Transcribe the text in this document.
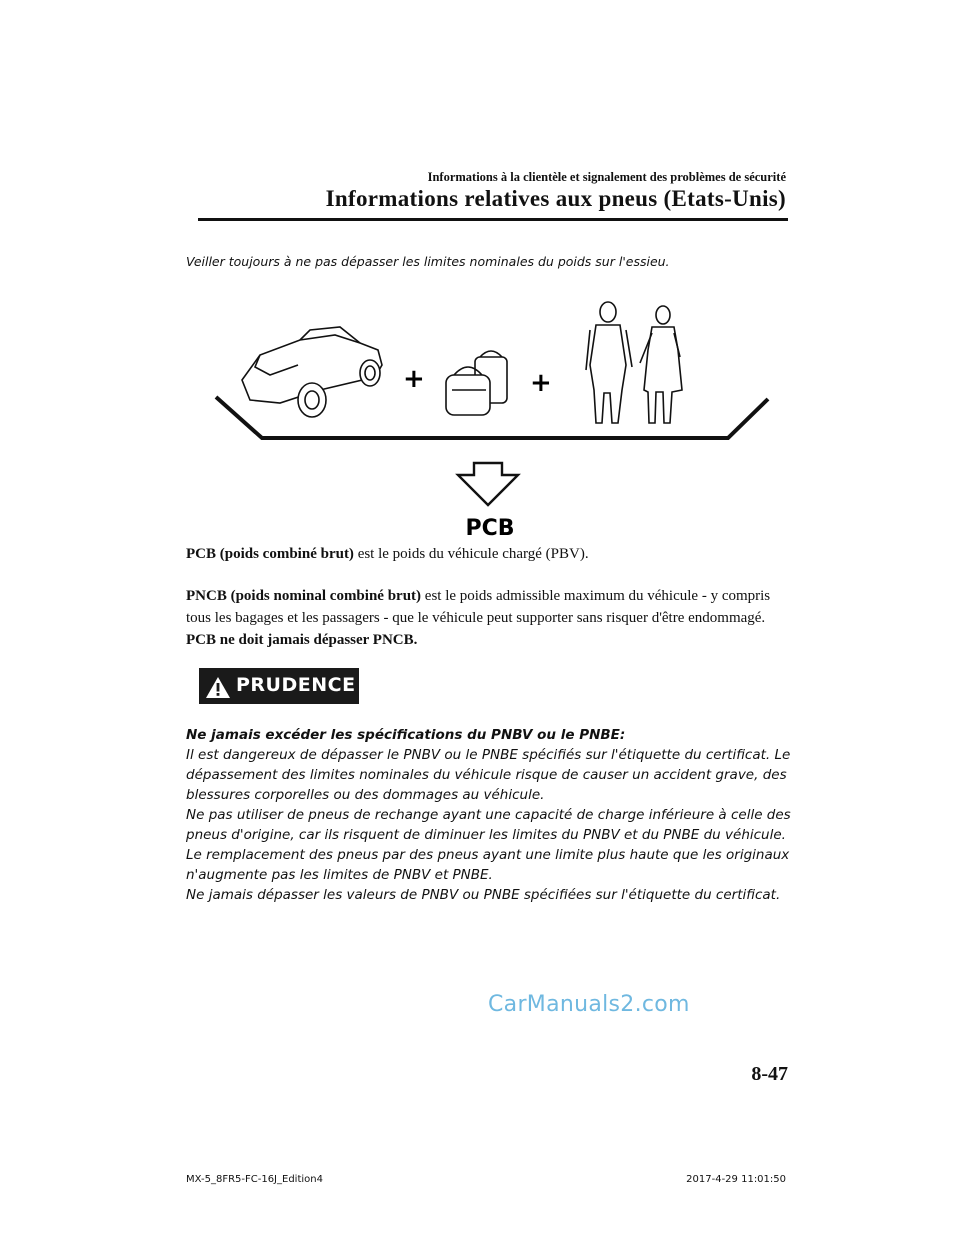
Informations à la clientèle et signalement des problèmes de sécurité
Informations relatives aux pneus (Etats-Unis)
Veiller toujours à ne pas dépasser les limites nominales du poids sur l'essieu.
+	+
PCB
PCB (poids combiné brut) est le poids du véhicule chargé (PBV).
PNCB (poids nominal combiné brut) est le poids admissible maximum du véhicule - y compris tous les bagages et les passagers - que le véhicule peut supporter sans risquer d'être endommagé. PCB ne doit jamais dépasser PNCB.
PRUDENCE

Ne jamais excéder les spécifications du PNBV ou le PNBE:

Il est dangereux de dépasser le PNBV ou le PNBE spécifiés sur l'étiquette du certificat. Le dépassement des limites nominales du véhicule risque de causer un accident grave, des blessures corporelles ou des dommages au véhicule.

Ne pas utiliser de pneus de rechange ayant une capacité de charge inférieure à celle des pneus d'origine, car ils risquent de diminuer les limites du PNBV et du PNBE du véhicule. Le remplacement des pneus par des pneus ayant une limite plus haute que les originaux n'augmente pas les limites de PNBV et PNBE.

Ne jamais dépasser les valeurs de PNBV ou PNBE spécifiées sur l'étiquette du certificat.

CarManuals2.com
8-47
MX-5_8FR5-FC-16J_Edition4	2017-4-29 11:01:50
